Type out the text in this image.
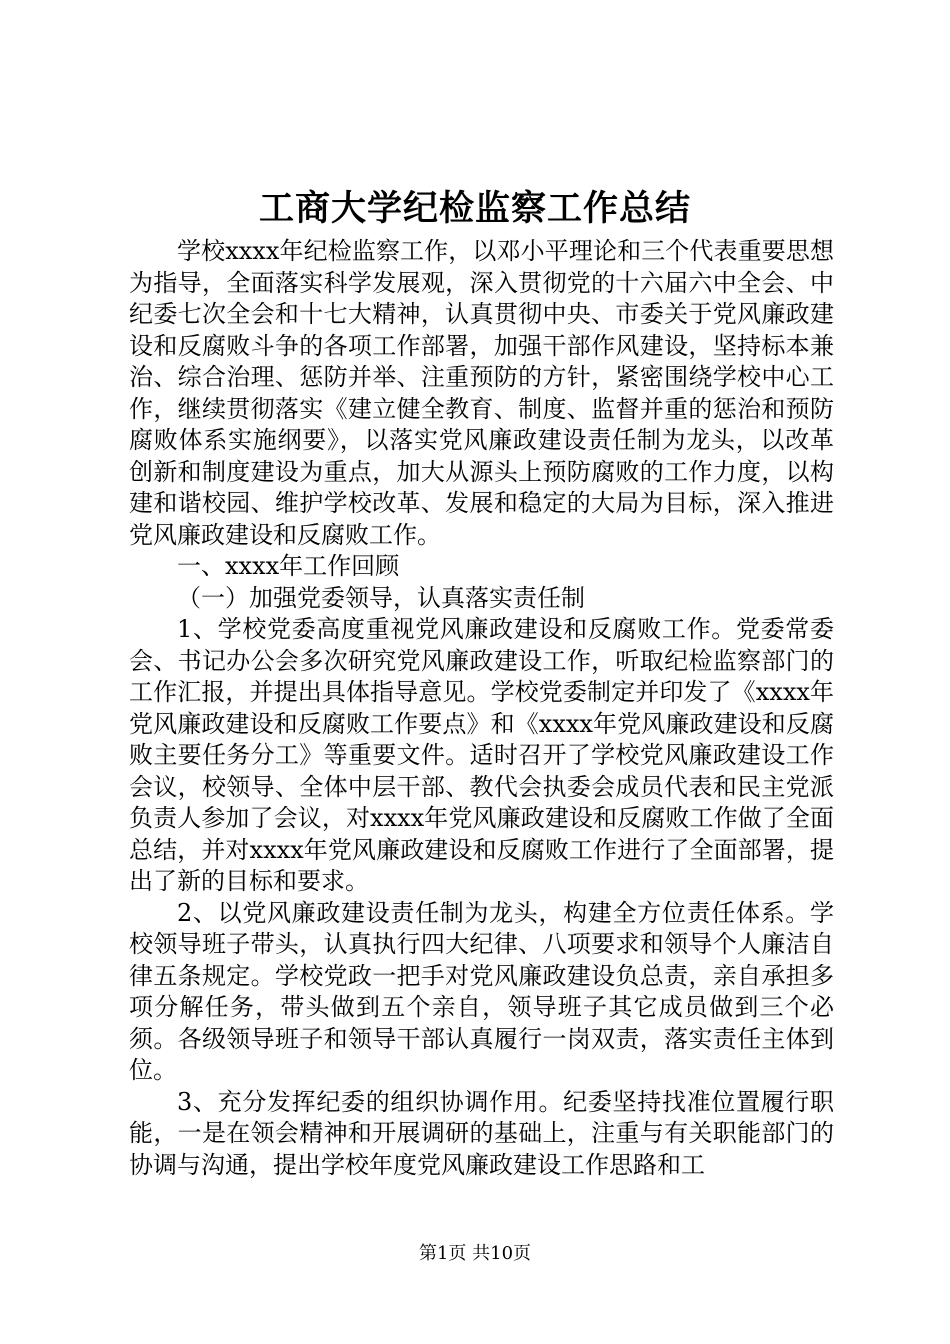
工商大学纪检监察工作总结

学校xxxx年纪检监察工作，以邓小平理论和三个代表重要思想为指导，全面落实科学发展观，深入贯彻党的十六届六中全会、中纪委七次全会和十七大精神，认真贯彻中央、市委关于党风廉政建设和反腐败斗争的各项工作部署，加强干部作风建设，坚持标本兼治、综合治理、惩防并举、注重预防的方针，紧密围绕学校中心工作，继续贯彻落实《建立健全教育、制度、监督并重的惩治和预防腐败体系实施纲要》，以落实党风廉政建设责任制为龙头，以改革创新和制度建设为重点，加大从源头上预防腐败的工作力度，以构建和谐校园、维护学校改革、发展和稳定的大局为目标，深入推进党风廉政建设和反腐败工作。

一、xxxx年工作回顾

（一）加强党委领导，认真落实责任制

1、学校党委高度重视党风廉政建设和反腐败工作。党委常委会、书记办公会多次研究党风廉政建设工作，听取纪检监察部门的工作汇报，并提出具体指导意见。学校党委制定并印发了《xxxx年党风廉政建设和反腐败工作要点》和《xxxx年党风廉政建设和反腐败主要任务分工》等重要文件。适时召开了学校党风廉政建设工作会议，校领导、全体中层干部、教代会执委会成员代表和民主党派负责人参加了会议，对xxxx年党风廉政建设和反腐败工作做了全面总结，并对xxxx年党风廉政建设和反腐败工作进行了全面部署，提出了新的目标和要求。

2、以党风廉政建设责任制为龙头，构建全方位责任体系。学校领导班子带头，认真执行四大纪律、八项要求和领导个人廉洁自律五条规定。学校党政一把手对党风廉政建设负总责，亲自承担多项分解任务，带头做到五个亲自，领导班子其它成员做到三个必须。各级领导班子和领导干部认真履行一岗双责，落实责任主体到位。

3、充分发挥纪委的组织协调作用。纪委坚持找准位置履行职能，一是在领会精神和开展调研的基础上，注重与有关职能部门的协调与沟通，提出学校年度党风廉政建设工作思路和工

第1页 共10页
